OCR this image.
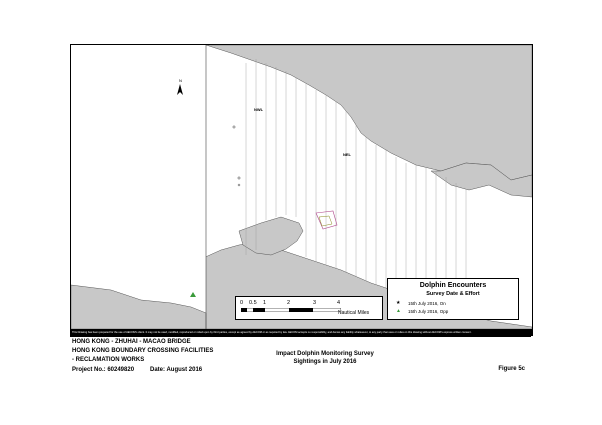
N
NWL
NEL
Dolphin Encounters
Survey Date & Effort
★ 15th July 2016, On
▲ 15th July 2016, Opp
0 0.5 1	2	3	4
Nautical Miles
This Drawing has been prepared for the use of AECOM's client. It may not be used, modified, reproduced or relied upon by third parties, except as agreed by AECOM or as required by law. AECOM accepts no responsibility, and denies any liability whatsoever, to any party that uses or relies on this drawing without AECOM's express written consent.
HONG KONG - ZHUHAI - MACAO BRIDGE
HONG KONG BOUNDARY CROSSING FACILITIES
- RECLAMATION WORKS
Project No.: 60249820	Date: August 2016
Impact Dolphin Monitoring Survey
Sightings in July 2016
Figure 5c
